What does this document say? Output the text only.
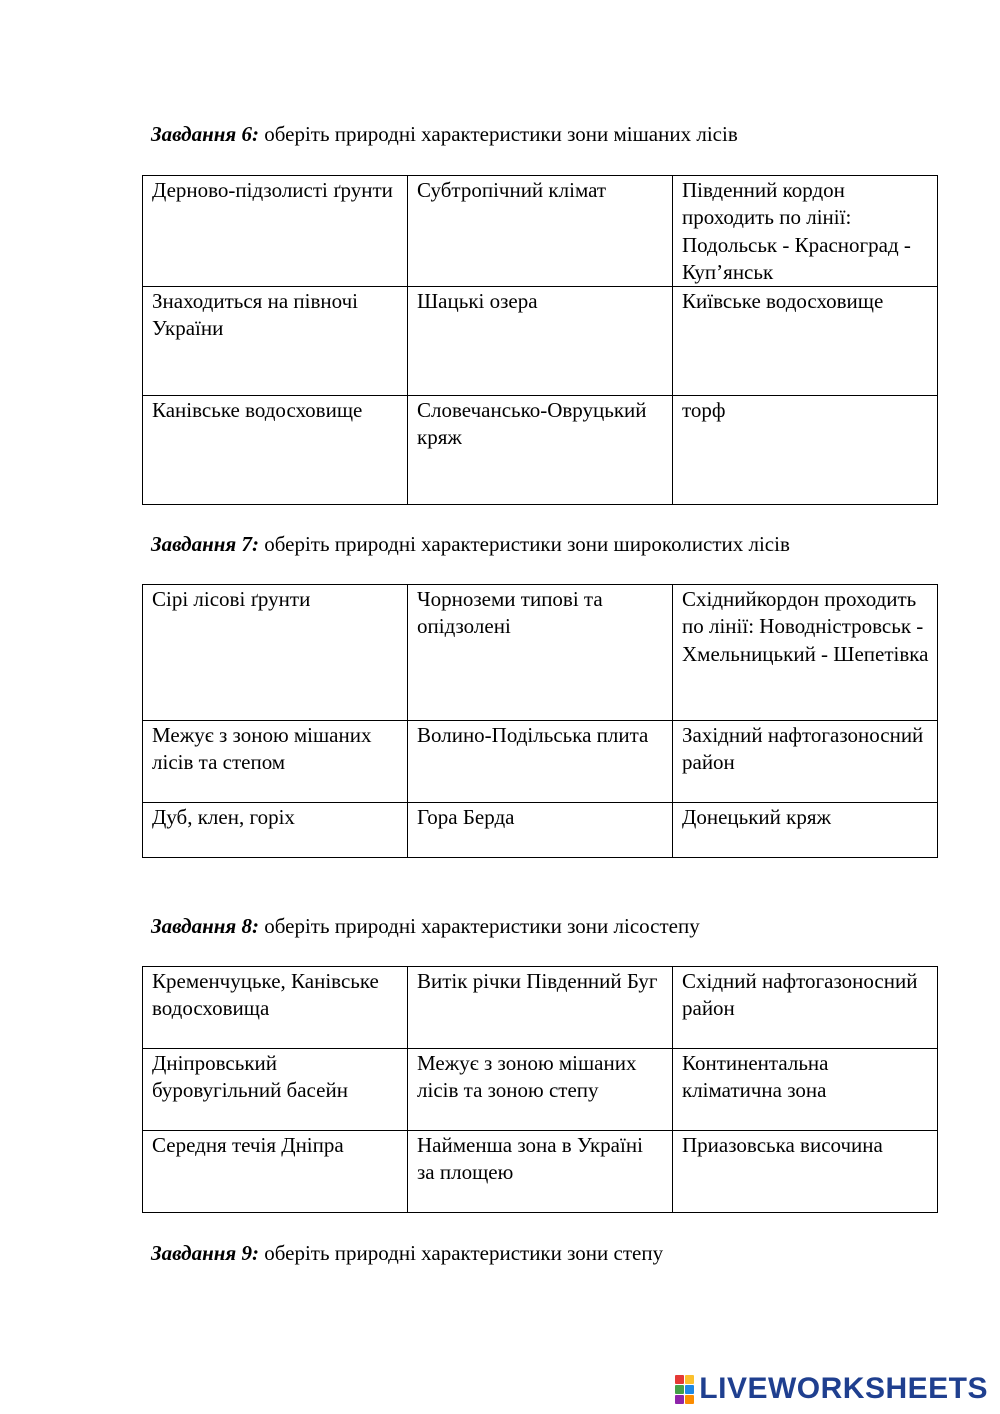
Завдання 6: оберіть природні характеристики зони мішаних лісів
Дерново-підзолисті ґрунти	Субтропічний клімат	Південний кордон проходить по лінії: Подольськ - Красноград - Куп’янськ
Знаходиться на півночі України	Шацькі озера	Київське водосховище
Канівське водосховище	Словечансько-Овруцький кряж	торф
Завдання 7: оберіть природні характеристики зони широколистих лісів
Сірі лісові ґрунти	Чорноземи типові та опідзолені	Східнийкордон проходить по лінії: Новодністровськ - Хмельницький - Шепетівка
Межує з зоною мішаних лісів та степом	Волино-Подільська плита	Західний нафтогазоносний район
Дуб, клен, горіх	Гора Берда	Донецький кряж
Завдання 8: оберіть природні характеристики зони лісостепу
Кременчуцьке, Канівське водосховища	Витік річки Південний Буг	Східний нафтогазоносний район
Дніпровський буровугільний басейн	Межує з зоною мішаних лісів та зоною степу	Континентальна кліматична зона
Середня течія Дніпра	Найменша зона в Україні за площею	Приазовська височина
Завдання 9: оберіть природні характеристики зони степу
LIVEWORKSHEETS
